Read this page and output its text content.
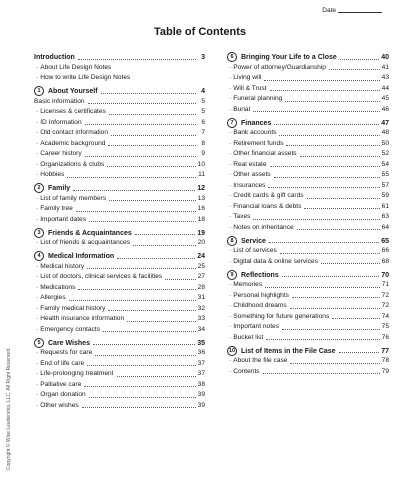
Date
Table of Contents
Copyright © Wise Leadership, LLC. All Right Reserved.
Introduction	3
· About Life Design Notes
· How to write Life Design Notes
1	About Yourself	4
Basic information	5
· Licenses & certificates	5
· ID Information	6
· Old contact information	7
· Academic background	8
· Career history	9
· Organizations & clubs	10
· Hobbies	11
2	Family	12
· List of family members	13
· Family tree	16
· Important dates	18
3	Friends & Acquaintances	19
· List of friends & acquaintances	20
4	Medical Information	24
· Medical history	25
· List of doctors, clinical services & facilities	27
· Medications	28
· Allergies	31
· Family medical history	32
· Health insurance information	33
· Emergency contacts	34
5	Care Wishes	35
· Requests for care	36
· End of life care	37
· Life-prolonging treatment	37
· Palliative care	38
· Organ donation	39
· Other wishes	39
6	Bringing Your Life to a Close	40
· Power of attorney/Guardianship	41
· Living will	43
· Will & Trust	44
· Funeral planning	45
· Burial	46
7	Finances	47
· Bank accounts	48
· Retirement funds	50
· Other financial assets	52
· Real estate	54
· Other assets	55
· Insurances	57
· Credit cards & gift cards	59
· Financial loans & debts	61
· Taxes	63
· Notes on inheritance	64
8	Service	65
· List of services	66
· Digital data & online services	68
9	Reflections	70
· Memories	71
· Personal highlights	72
· Childhood dreams	72
· Something for future generations	74
· Important notes	75
· Bucket list	76
10 List of Items in the File Case	77
· About the file case	78
· Contents	79
